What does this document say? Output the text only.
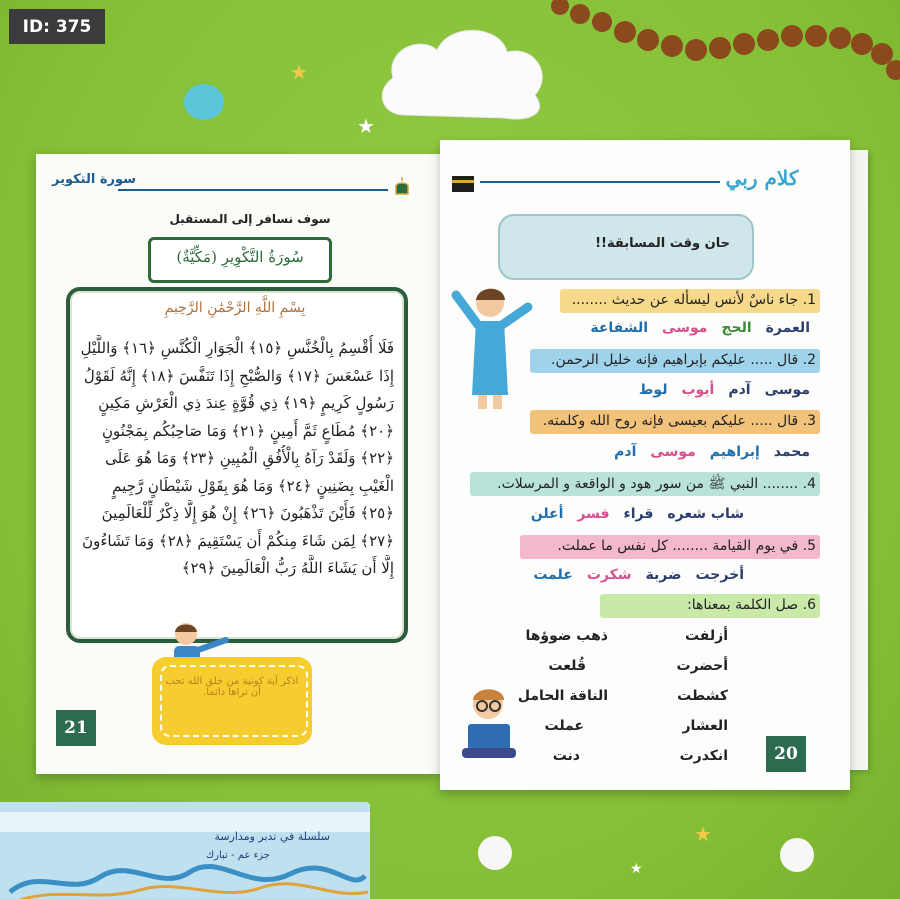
★
★
★
★
سورة التكوير
سوف نسافر إلى المستقبل
سُورَةُ التَّكْوِيرِ (مَكِّيَّةٌ)
بِسْمِ اللَّهِ الرَّحْمَٰنِ الرَّحِيمِ
فَلَا أُقْسِمُ بِالْخُنَّسِ ﴿١٥﴾ الْجَوَارِ الْكُنَّسِ ﴿١٦﴾ وَاللَّيْلِ
إِذَا عَسْعَسَ ﴿١٧﴾ وَالصُّبْحِ إِذَا تَنَفَّسَ ﴿١٨﴾ إِنَّهُ لَقَوْلُ
رَسُولٍ كَرِيمٍ ﴿١٩﴾ ذِي قُوَّةٍ عِندَ ذِي الْعَرْشِ مَكِينٍ
﴿٢٠﴾ مُطَاعٍ ثَمَّ أَمِينٍ ﴿٢١﴾ وَمَا صَاحِبُكُم بِمَجْنُونٍ
﴿٢٢﴾ وَلَقَدْ رَآهُ بِالْأُفُقِ الْمُبِينِ ﴿٢٣﴾ وَمَا هُوَ عَلَى
الْغَيْبِ بِضَنِينٍ ﴿٢٤﴾ وَمَا هُوَ بِقَوْلِ شَيْطَانٍ رَّجِيمٍ
﴿٢٥﴾ فَأَيْنَ تَذْهَبُونَ ﴿٢٦﴾ إِنْ هُوَ إِلَّا ذِكْرٌ لِّلْعَالَمِينَ
﴿٢٧﴾ لِمَن شَاءَ مِنكُمْ أَن يَسْتَقِيمَ ﴿٢٨﴾ وَمَا تَشَاءُونَ
إِلَّا أَن يَشَاءَ اللَّهُ رَبُّ الْعَالَمِينَ ﴿٢٩﴾
اذكر آية كونية من خلق الله تحب أن تراها دائما.
21
كلام ربي
حان وقت المسابقة!!
1. جاء ناسٌ لأنس ليسأله عن حديث ........
العمرة
الحج
موسى
الشفاعة
2. قال ..... عليكم بإبراهيم فإنه خليل الرحمن.
موسى
آدم
أيوب
لوط
3. قال ..... عليكم بعيسى فإنه روح الله وكلمته.
محمد
إبراهيم
موسى
آدم
4. ........ النبي ﷺ من سور هود و الواقعة و المرسلات.
شاب شعره
قراء
فسر
أعلن
5. في يوم القيامة ........ كل نفس ما عملت.
أخرجت
ضربة
شكرت
علمت
6. صل الكلمة بمعناها:
أزلفت
أحضرت
كشطت
العشار
انكدرت
ذهب ضوؤها
قُلعت
الناقة الحامل
عملت
دنت	20
سلسلة في تدبر ومدارسة
جزء عم - تبارك
ID: 375
